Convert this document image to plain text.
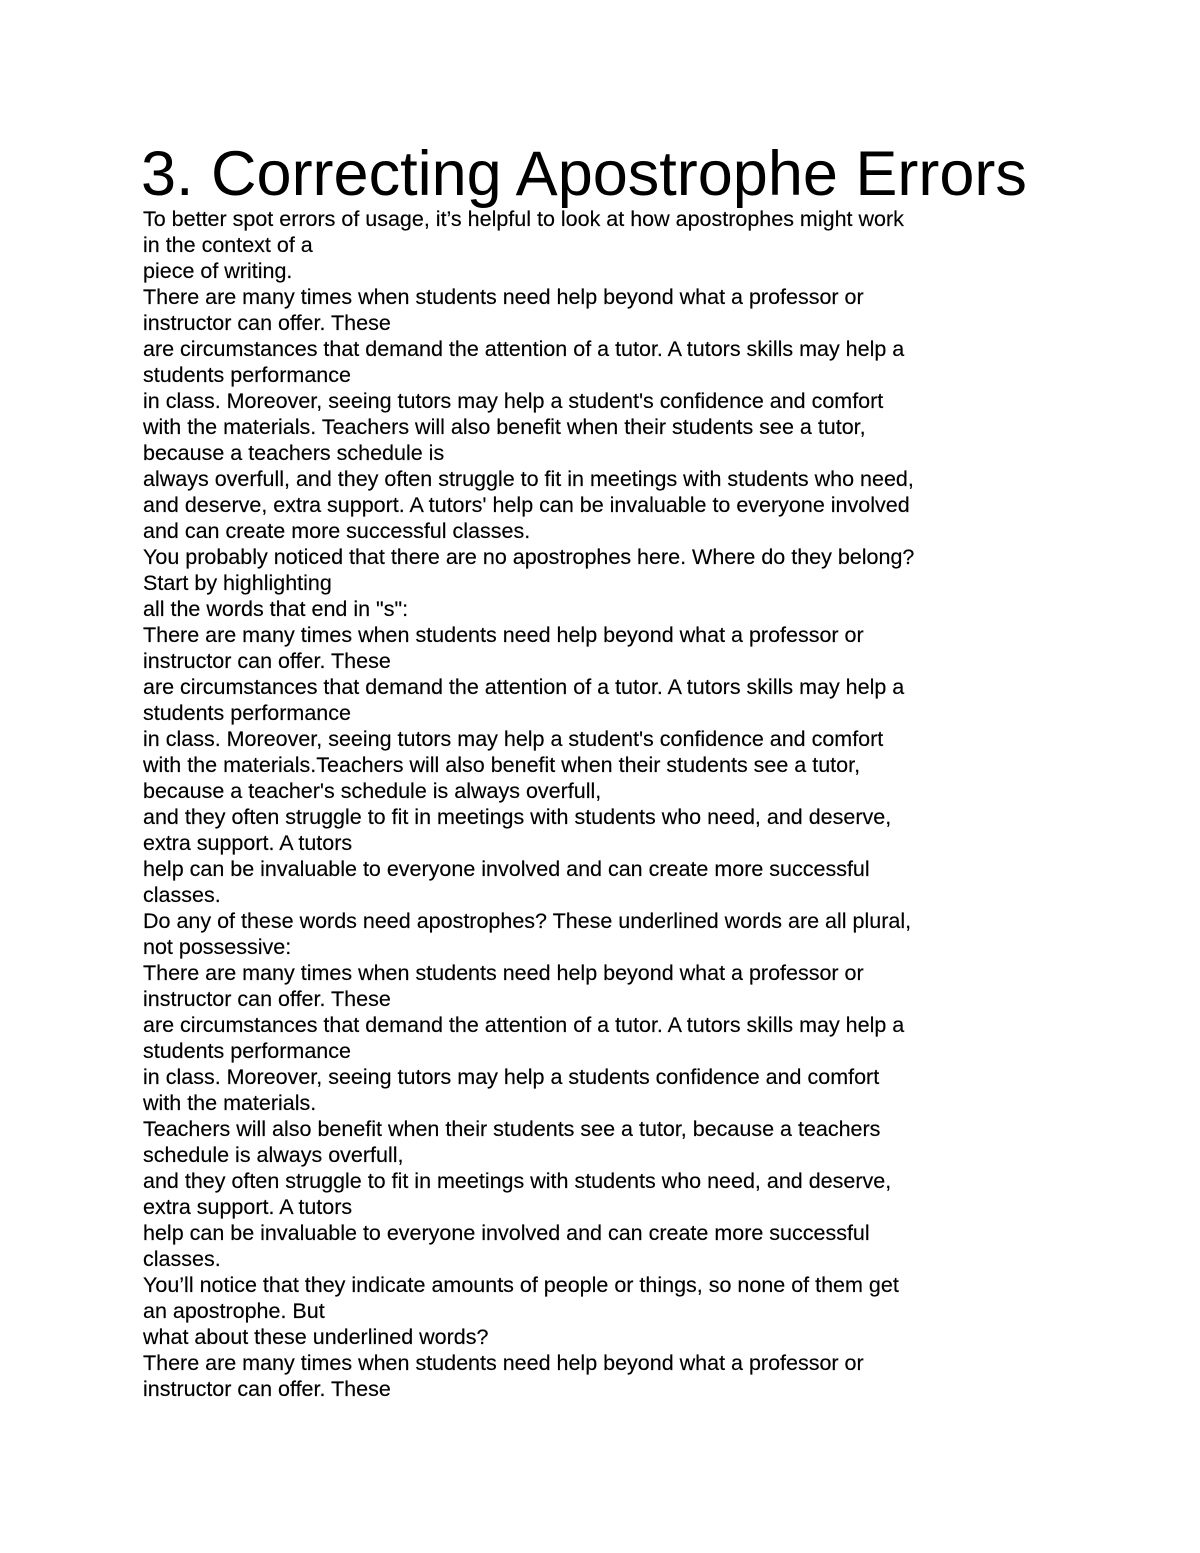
3. Correcting Apostrophe Errors
To better spot errors of usage, it’s helpful to look at how apostrophes might work
in the context of a
piece of writing.
There are many times when students need help beyond what a professor or
instructor can offer. These
are circumstances that demand the attention of a tutor. A tutors skills may help a
students performance
in class. Moreover, seeing tutors may help a student's confidence and comfort
with the materials. Teachers will also benefit when their students see a tutor,
because a teachers schedule is
always overfull, and they often struggle to fit in meetings with students who need,
and deserve, extra support. A tutors' help can be invaluable to everyone involved
and can create more successful classes.
You probably noticed that there are no apostrophes here. Where do they belong?
Start by highlighting
all the words that end in "s":
There are many times when students need help beyond what a professor or
instructor can offer. These
are circumstances that demand the attention of a tutor. A tutors skills may help a
students performance
in class. Moreover, seeing tutors may help a student's confidence and comfort
with the materials.Teachers will also benefit when their students see a tutor,
because a teacher's schedule is always overfull,
and they often struggle to fit in meetings with students who need, and deserve,
extra support. A tutors
help can be invaluable to everyone involved and can create more successful
classes.
Do any of these words need apostrophes? These underlined words are all plural,
not possessive:
There are many times when students need help beyond what a professor or
instructor can offer. These
are circumstances that demand the attention of a tutor. A tutors skills may help a
students performance
in class. Moreover, seeing tutors may help a students confidence and comfort
with the materials.
Teachers will also benefit when their students see a tutor, because a teachers
schedule is always overfull,
and they often struggle to fit in meetings with students who need, and deserve,
extra support. A tutors
help can be invaluable to everyone involved and can create more successful
classes.
You’ll notice that they indicate amounts of people or things, so none of them get
an apostrophe. But
what about these underlined words?
There are many times when students need help beyond what a professor or
instructor can offer. These
